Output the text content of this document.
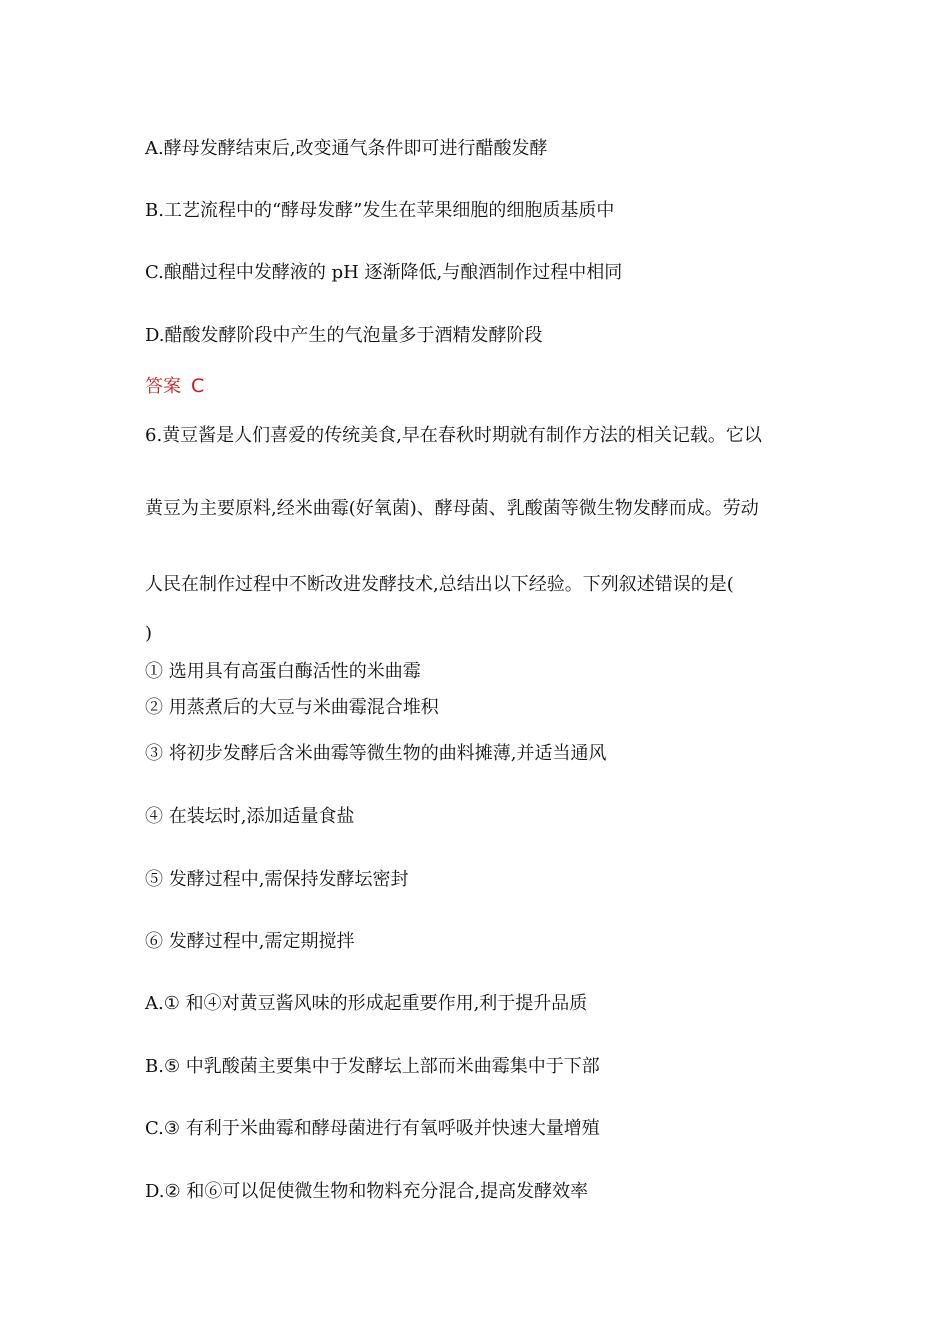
A.酵母发酵结束后,改变通气条件即可进行醋酸发酵
B.工艺流程中的“酵母发酵”发生在苹果细胞的细胞质基质中
C.酿醋过程中发酵液的 pH 逐渐降低,与酿酒制作过程中相同
D.醋酸发酵阶段中产生的气泡量多于酒精发酵阶段
答案 C
6.黄豆酱是人们喜爱的传统美食,早在春秋时期就有制作方法的相关记载。它以
黄豆为主要原料,经米曲霉(好氧菌)、酵母菌、乳酸菌等微生物发酵而成。劳动
人民在制作过程中不断改进发酵技术,总结出以下经验。下列叙述错误的是(
)
① 选用具有高蛋白酶活性的米曲霉
② 用蒸煮后的大豆与米曲霉混合堆积
③ 将初步发酵后含米曲霉等微生物的曲料摊薄,并适当通风
④ 在装坛时,添加适量食盐
⑤ 发酵过程中,需保持发酵坛密封
⑥ 发酵过程中,需定期搅拌
A.① 和④对黄豆酱风味的形成起重要作用,利于提升品质
B.⑤ 中乳酸菌主要集中于发酵坛上部而米曲霉集中于下部
C.③ 有利于米曲霉和酵母菌进行有氧呼吸并快速大量增殖
D.② 和⑥可以促使微生物和物料充分混合,提高发酵效率
